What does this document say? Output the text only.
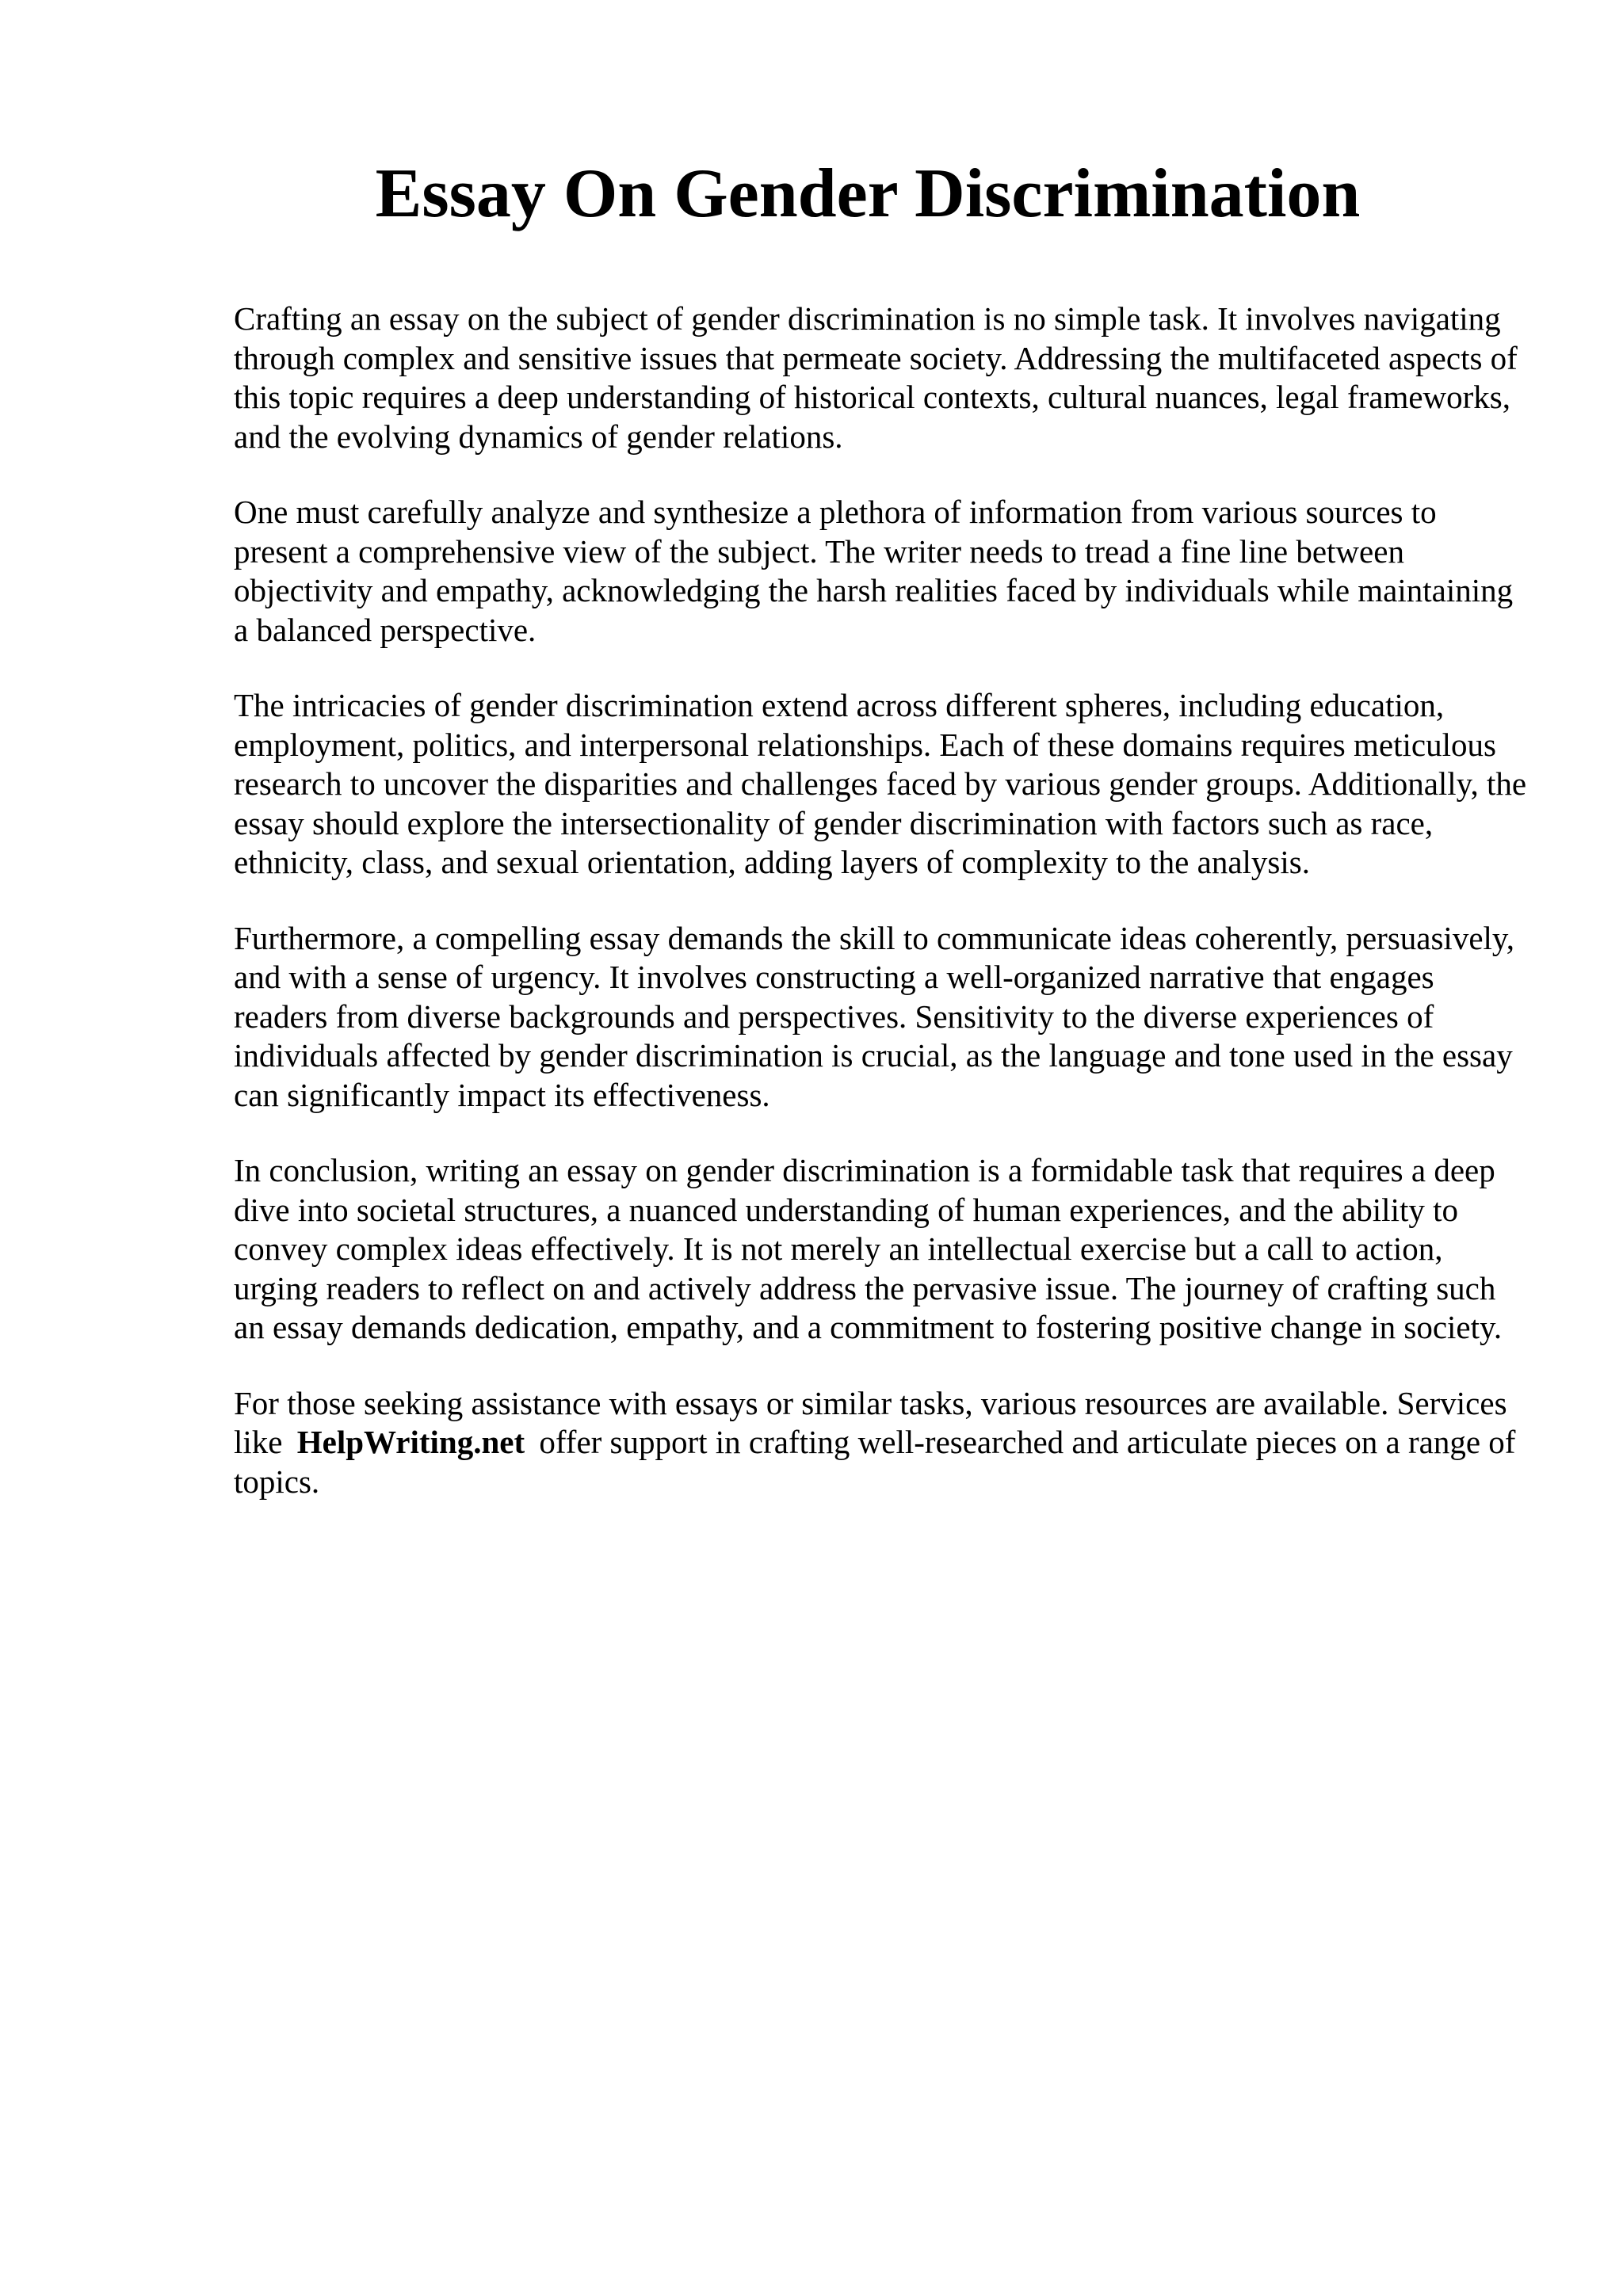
Essay On Gender Discrimination

Crafting an essay on the subject of gender discrimination is no simple task. It involves navigating through complex and sensitive issues that permeate society. Addressing the multifaceted aspects of this topic requires a deep understanding of historical contexts, cultural nuances, legal frameworks, and the evolving dynamics of gender relations.

One must carefully analyze and synthesize a plethora of information from various sources to present a comprehensive view of the subject. The writer needs to tread a fine line between objectivity and empathy, acknowledging the harsh realities faced by individuals while maintaining a balanced perspective.

The intricacies of gender discrimination extend across different spheres, including education, employment, politics, and interpersonal relationships. Each of these domains requires meticulous research to uncover the disparities and challenges faced by various gender groups. Additionally, the essay should explore the intersectionality of gender discrimination with factors such as race, ethnicity, class, and sexual orientation, adding layers of complexity to the analysis.

Furthermore, a compelling essay demands the skill to communicate ideas coherently, persuasively, and with a sense of urgency. It involves constructing a well-organized narrative that engages readers from diverse backgrounds and perspectives. Sensitivity to the diverse experiences of individuals affected by gender discrimination is crucial, as the language and tone used in the essay can significantly impact its effectiveness.

In conclusion, writing an essay on gender discrimination is a formidable task that requires a deep dive into societal structures, a nuanced understanding of human experiences, and the ability to convey complex ideas effectively. It is not merely an intellectual exercise but a call to action, urging readers to reflect on and actively address the pervasive issue. The journey of crafting such an essay demands dedication, empathy, and a commitment to fostering positive change in society.

For those seeking assistance with essays or similar tasks, various resources are available. Services like HelpWriting.net offer support in crafting well-researched and articulate pieces on a range of topics.
